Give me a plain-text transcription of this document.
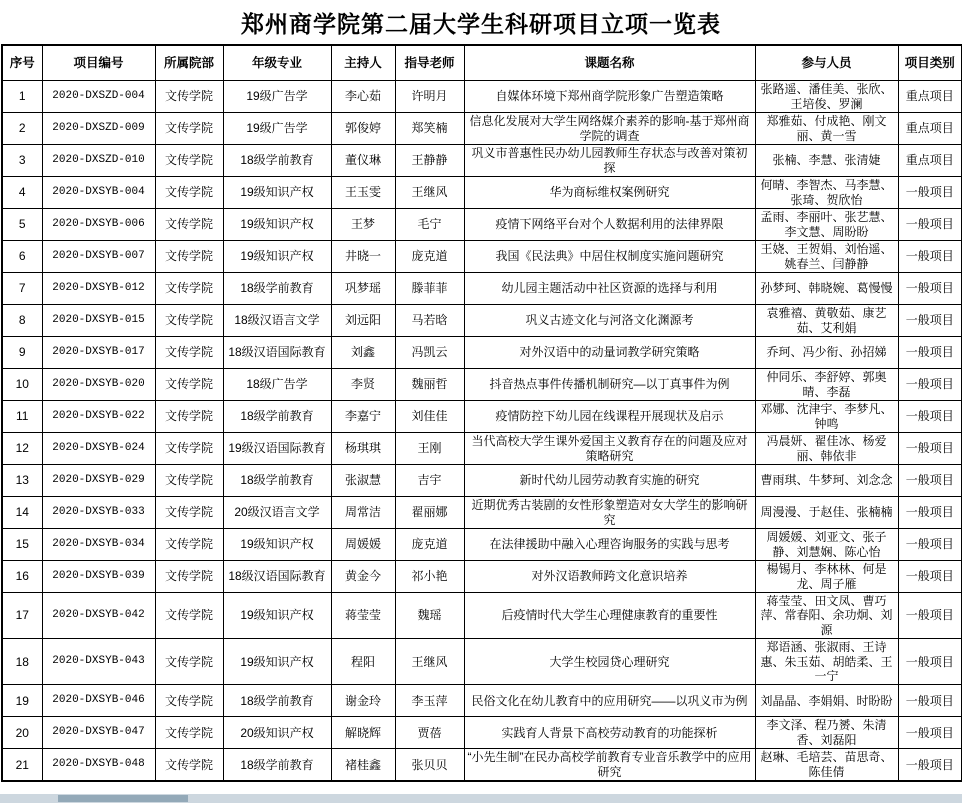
郑州商学院第二届大学生科研项目立项一览表
序号	项目编号	所属院部	年级专业	主持人	指导老师	课题名称	参与人员	项目类别
1	2020-DXSZD-004	文传学院	19级广告学	李心茹	许明月	自媒体环境下郑州商学院形象广告塑造策略	张路遥、潘佳美、张欣、王培俊、罗澜	重点项目
2	2020-DXSZD-009	文传学院	19级广告学	郭俊婷	郑笑楠	信息化发展对大学生网络媒介素养的影响-基于郑州商学院的调查	郑雅茹、付成艳、刚文丽、黄一雪	重点项目
3	2020-DXSZD-010	文传学院	18级学前教育	董仪琳	王静静	巩义市普惠性民办幼儿园教师生存状态与改善对策初探	张楠、李慧、张清婕	重点项目
4	2020-DXSYB-004	文传学院	19级知识产权	王玉雯	王继风	华为商标维权案例研究	何晴、李智杰、马李慧、张琦、贺欣怡	一般项目
5	2020-DXSYB-006	文传学院	19级知识产权	王梦	毛宁	疫情下网络平台对个人数据利用的法律界限	孟雨、李丽叶、张艺慧、李文慧、周盼盼	一般项目
6	2020-DXSYB-007	文传学院	19级知识产权	井晓一	庞克道	我国《民法典》中居住权制度实施问题研究	王娆、王贺娟、刘怡遥、姚春兰、闫静静	一般项目
7	2020-DXSYB-012	文传学院	18级学前教育	巩梦瑶	滕菲菲	幼儿园主题活动中社区资源的选择与利用	孙梦珂、韩晓婉、葛慢慢	一般项目
8	2020-DXSYB-015	文传学院	18级汉语言文学	刘远阳	马若晗	巩义古迹文化与河洛文化渊源考	袁雅禧、黄敬茹、康艺茹、艾利娟	一般项目
9	2020-DXSYB-017	文传学院	18级汉语国际教育	刘鑫	冯凯云	对外汉语中的动量词教学研究策略	乔珂、冯少衔、孙招娣	一般项目
10	2020-DXSYB-020	文传学院	18级广告学	李贤	魏丽哲	抖音热点事件传播机制研究—以丁真事件为例	仲同乐、李舒婷、郭奥晴、李磊	一般项目
11	2020-DXSYB-022	文传学院	18级学前教育	李嘉宁	刘佳佳	疫情防控下幼儿园在线课程开展现状及启示	邓娜、沈津宇、李梦凡、钟鸣	一般项目
12	2020-DXSYB-024	文传学院	19级汉语国际教育	杨琪琪	王刚	当代高校大学生课外爱国主义教育存在的问题及应对策略研究	冯晨妍、翟佳冰、杨爱丽、韩依非	一般项目
13	2020-DXSYB-029	文传学院	18级学前教育	张淑慧	吉宇	新时代幼儿园劳动教育实施的研究	曹雨琪、牛梦珂、刘念念	一般项目
14	2020-DXSYB-033	文传学院	20级汉语言文学	周常洁	翟丽娜	近期优秀古装剧的女性形象塑造对女大学生的影响研究	周漫漫、于赵佳、张楠楠	一般项目
15	2020-DXSYB-034	文传学院	19级知识产权	周媛媛	庞克道	在法律援助中融入心理咨询服务的实践与思考	周媛媛、刘亚文、张子静、刘慧娴、陈心怡	一般项目
16	2020-DXSYB-039	文传学院	18级汉语国际教育	黄金今	祁小艳	对外汉语教师跨文化意识培养	楊锡月、李林林、何是龙、周子雁	一般项目
17	2020-DXSYB-042	文传学院	19级知识产权	蒋莹莹	魏瑶	后疫情时代大学生心理健康教育的重要性	蒋莹莹、田文凤、曹巧萍、常春阳、余功炯、刘源	一般项目
18	2020-DXSYB-043	文传学院	19级知识产权	程阳	王继风	大学生校园贷心理研究	郑语涵、张淑雨、王诗惠、朱玉茹、胡皓柔、王一宁	一般项目
19	2020-DXSYB-046	文传学院	18级学前教育	谢金玲	李玉萍	民俗文化在幼儿教育中的应用研究——以巩义市为例	刘晶晶、李娟娟、时盼盼	一般项目
20	2020-DXSYB-047	文传学院	20级知识产权	解晓辉	贾蓓	实践育人背景下高校劳动教育的功能探析	李文泽、程乃赟、朱清香、刘磊阳	一般项目
21	2020-DXSYB-048	文传学院	18级学前教育	褚桂鑫	张贝贝	“小先生制”在民办高校学前教育专业音乐教学中的应用研究	赵琳、毛培芸、苗思奇、陈佳倩	一般项目
